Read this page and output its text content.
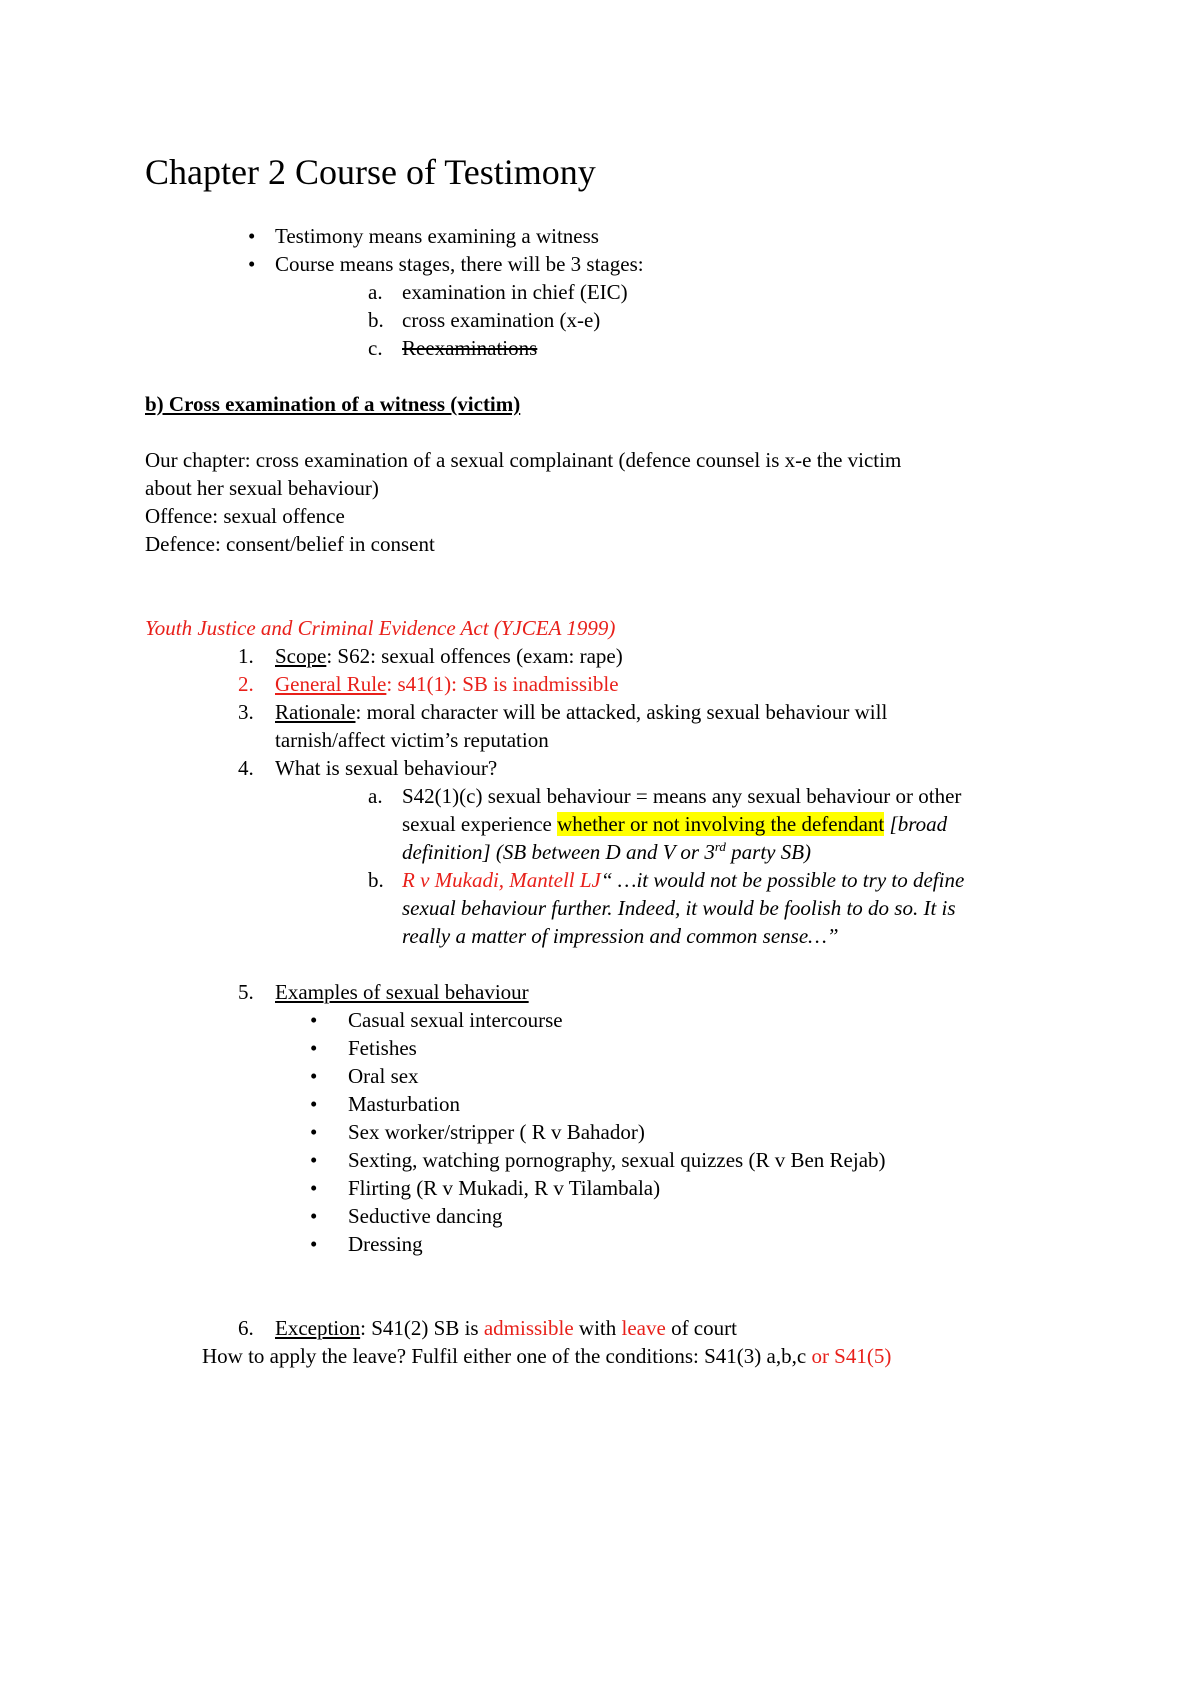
Chapter 2 Course of Testimony
• Testimony means examining a witness
• Course means stages, there will be 3 stages:
a. examination in chief (EIC)
b. cross examination (x-e)
c. Reexaminations
b) Cross examination of a witness (victim)
Our chapter: cross examination of a sexual complainant (defence counsel is x-e the victim
about her sexual behaviour)
Offence: sexual offence
Defence: consent/belief in consent
Youth Justice and Criminal Evidence Act (YJCEA 1999)
1. Scope: S62: sexual offences (exam: rape)
2. General Rule: s41(1): SB is inadmissible
3. Rationale: moral character will be attacked, asking sexual behaviour will
tarnish/affect victim’s reputation
4. What is sexual behaviour?
a. S42(1)(c) sexual behaviour = means any sexual behaviour or other
sexual experience whether or not involving the defendant [broad
definition] (SB between D and V or 3rd party SB)
b. R v Mukadi, Mantell LJ“ …it would not be possible to try to define
sexual behaviour further. Indeed, it would be foolish to do so. It is
really a matter of impression and common sense…”
5. Examples of sexual behaviour
• Casual sexual intercourse
• Fetishes
• Oral sex
• Masturbation
• Sex worker/stripper ( R v Bahador)
• Sexting, watching pornography, sexual quizzes (R v Ben Rejab)
• Flirting (R v Mukadi, R v Tilambala)
• Seductive dancing
• Dressing
6. Exception: S41(2) SB is admissible with leave of court
How to apply the leave? Fulfil either one of the conditions: S41(3) a,b,c or S41(5)
